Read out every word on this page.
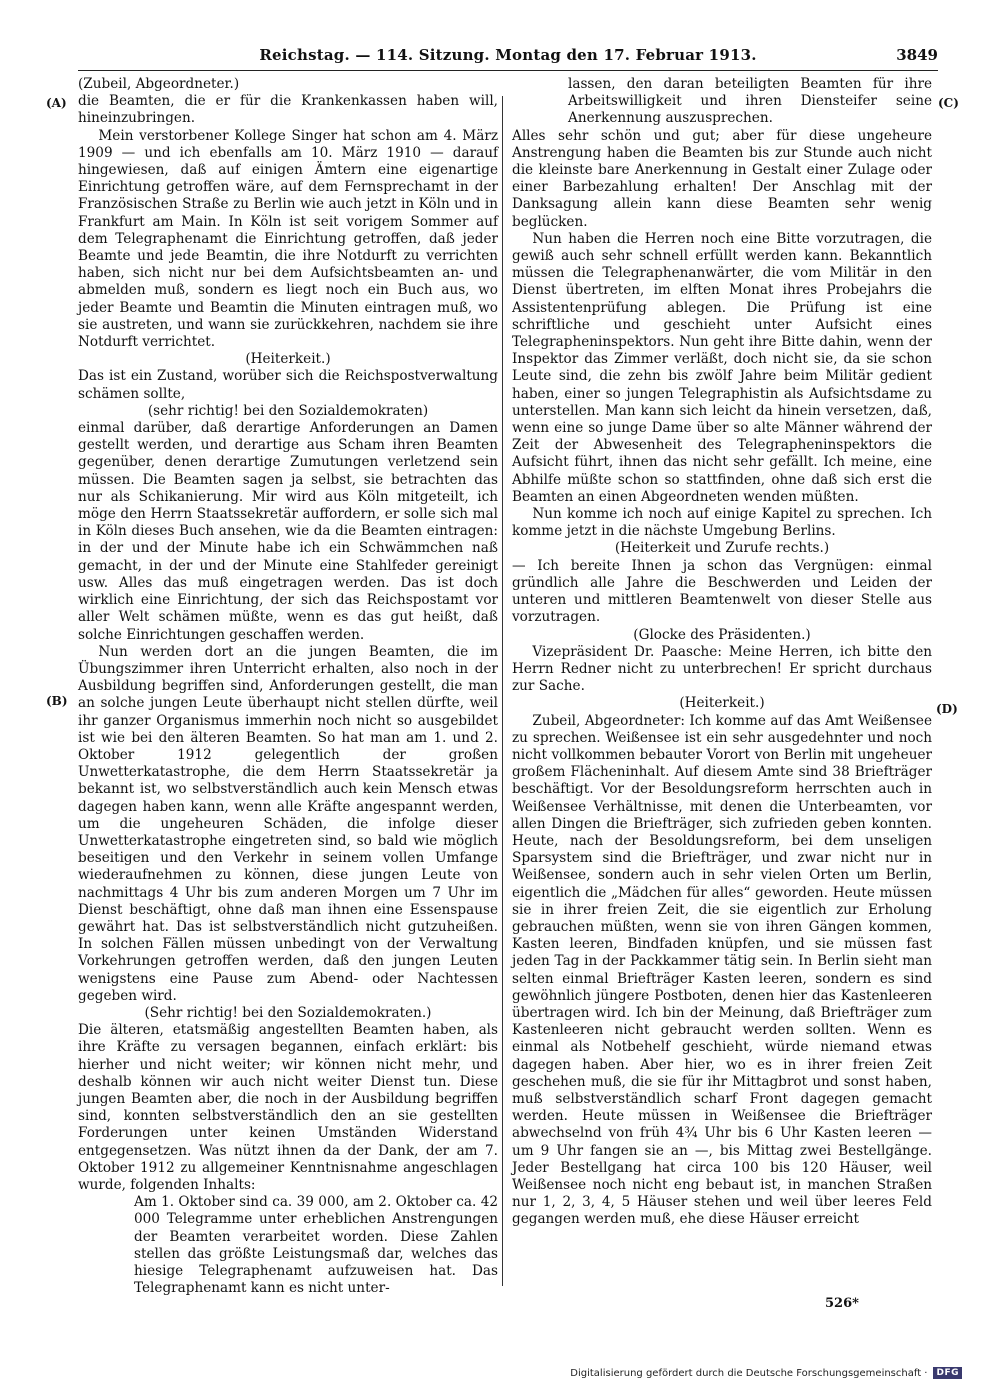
Reichstag. — 114. Sitzung. Montag den 17. Februar 1913.	3849
(A)
(B)
(C)
(D)

(Zubeil, Abgeordneter.)

die Beamten, die er für die Krankenkassen haben will, hineinzubringen.

Mein verstorbener Kollege Singer hat schon am 4. März 1909 — und ich ebenfalls am 10. März 1910 — darauf hingewiesen, daß auf einigen Ämtern eine eigenartige Einrichtung getroffen wäre, auf dem Fernsprechamt in der Französischen Straße zu Berlin wie auch jetzt in Köln und in Frankfurt am Main. In Köln ist seit vorigem Sommer auf dem Telegraphenamt die Einrichtung getroffen, daß jeder Beamte und jede Beamtin, die ihre Notdurft zu verrichten haben, sich nicht nur bei dem Aufsichtsbeamten an- und abmelden muß, sondern es liegt noch ein Buch aus, wo jeder Beamte und Beamtin die Minuten eintragen muß, wo sie austreten, und wann sie zurückkehren, nachdem sie ihre Notdurft verrichtet.

(Heiterkeit.)

Das ist ein Zustand, worüber sich die Reichspostverwaltung schämen sollte,

(sehr richtig! bei den Sozialdemokraten)

einmal darüber, daß derartige Anforderungen an Damen gestellt werden, und derartige aus Scham ihren Beamten gegenüber, denen derartige Zumutungen verletzend sein müssen. Die Beamten sagen ja selbst, sie betrachten das nur als Schikanierung. Mir wird aus Köln mitgeteilt, ich möge den Herrn Staatssekretär auffordern, er solle sich mal in Köln dieses Buch ansehen, wie da die Beamten eintragen: in der und der Minute habe ich ein Schwämmchen naß gemacht, in der und der Minute eine Stahlfeder gereinigt usw. Alles das muß eingetragen werden. Das ist doch wirklich eine Einrichtung, der sich das Reichspostamt vor aller Welt schämen müßte, wenn es das gut heißt, daß solche Einrichtungen geschaffen werden.

Nun werden dort an die jungen Beamten, die im Übungszimmer ihren Unterricht erhalten, also noch in der Ausbildung begriffen sind, Anforderungen gestellt, die man an solche jungen Leute überhaupt nicht stellen dürfte, weil ihr ganzer Organismus immerhin noch nicht so ausgebildet ist wie bei den älteren Beamten. So hat man am 1. und 2. Oktober 1912 gelegentlich der großen Unwetterkatastrophe, die dem Herrn Staatssekretär ja bekannt ist, wo selbstverständlich auch kein Mensch etwas dagegen haben kann, wenn alle Kräfte angespannt werden, um die ungeheuren Schäden, die infolge dieser Unwetterkatastrophe eingetreten sind, so bald wie möglich beseitigen und den Verkehr in seinem vollen Umfange wiederaufnehmen zu können, diese jungen Leute von nachmittags 4 Uhr bis zum anderen Morgen um 7 Uhr im Dienst beschäftigt, ohne daß man ihnen eine Essenspause gewährt hat. Das ist selbstverständlich nicht gutzuheißen. In solchen Fällen müssen unbedingt von der Verwaltung Vorkehrungen getroffen werden, daß den jungen Leuten wenigstens eine Pause zum Abend- oder Nachtessen gegeben wird.

(Sehr richtig! bei den Sozialdemokraten.)

Die älteren, etatsmäßig angestellten Beamten haben, als ihre Kräfte zu versagen begannen, einfach erklärt: bis hierher und nicht weiter; wir können nicht mehr, und deshalb können wir auch nicht weiter Dienst tun. Diese jungen Beamten aber, die noch in der Ausbildung begriffen sind, konnten selbstverständlich den an sie gestellten Forderungen unter keinen Umständen Widerstand entgegensetzen. Was nützt ihnen da der Dank, der am 7. Oktober 1912 zu allgemeiner Kenntnisnahme angeschlagen wurde, folgenden Inhalts:

Am 1. Oktober sind ca. 39 000, am 2. Oktober ca. 42 000 Telegramme unter erheblichen Anstrengungen der Beamten verarbeitet worden. Diese Zahlen stellen das größte Leistungsmaß dar, welches das hiesige Telegraphenamt aufzuweisen hat. Das Telegraphenamt kann es nicht unter-

lassen, den daran beteiligten Beamten für ihre Arbeitswilligkeit und ihren Diensteifer seine Anerkennung auszusprechen.

Alles sehr schön und gut; aber für diese ungeheure Anstrengung haben die Beamten bis zur Stunde auch nicht die kleinste bare Anerkennung in Gestalt einer Zulage oder einer Barbezahlung erhalten! Der Anschlag mit der Danksagung allein kann diese Beamten sehr wenig beglücken.

Nun haben die Herren noch eine Bitte vorzutragen, die gewiß auch sehr schnell erfüllt werden kann. Bekanntlich müssen die Telegraphenanwärter, die vom Militär in den Dienst übertreten, im elften Monat ihres Probejahrs die Assistentenprüfung ablegen. Die Prüfung ist eine schriftliche und geschieht unter Aufsicht eines Telegrapheninspektors. Nun geht ihre Bitte dahin, wenn der Inspektor das Zimmer verläßt, doch nicht sie, da sie schon Leute sind, die zehn bis zwölf Jahre beim Militär gedient haben, einer so jungen Telegraphistin als Aufsichtsdame zu unterstellen. Man kann sich leicht da hinein versetzen, daß, wenn eine so junge Dame über so alte Männer während der Zeit der Abwesenheit des Telegrapheninspektors die Aufsicht führt, ihnen das nicht sehr gefällt. Ich meine, eine Abhilfe müßte schon so stattfinden, ohne daß sich erst die Beamten an einen Abgeordneten wenden müßten.

Nun komme ich noch auf einige Kapitel zu sprechen. Ich komme jetzt in die nächste Umgebung Berlins.

(Heiterkeit und Zurufe rechts.)

— Ich bereite Ihnen ja schon das Vergnügen: einmal gründlich alle Jahre die Beschwerden und Leiden der unteren und mittleren Beamtenwelt von dieser Stelle aus vorzutragen.

(Glocke des Präsidenten.)

Vizepräsident Dr. Paasche: Meine Herren, ich bitte den Herrn Redner nicht zu unterbrechen! Er spricht durchaus zur Sache.

(Heiterkeit.)

Zubeil, Abgeordneter: Ich komme auf das Amt Weißensee zu sprechen. Weißensee ist ein sehr ausgedehnter und noch nicht vollkommen bebauter Vorort von Berlin mit ungeheuer großem Flächeninhalt. Auf diesem Amte sind 38 Briefträger beschäftigt. Vor der Besoldungsreform herrschten auch in Weißensee Verhältnisse, mit denen die Unterbeamten, vor allen Dingen die Briefträger, sich zufrieden geben konnten. Heute, nach der Besoldungsreform, bei dem unseligen Sparsystem sind die Briefträger, und zwar nicht nur in Weißensee, sondern auch in sehr vielen Orten um Berlin, eigentlich die „Mädchen für alles“ geworden. Heute müssen sie in ihrer freien Zeit, die sie eigentlich zur Erholung gebrauchen müßten, wenn sie von ihren Gängen kommen, Kasten leeren, Bindfaden knüpfen, und sie müssen fast jeden Tag in der Packkammer tätig sein. In Berlin sieht man selten einmal Briefträger Kasten leeren, sondern es sind gewöhnlich jüngere Postboten, denen hier das Kastenleeren übertragen wird. Ich bin der Meinung, daß Briefträger zum Kastenleeren nicht gebraucht werden sollten. Wenn es einmal als Notbehelf geschieht, würde niemand etwas dagegen haben. Aber hier, wo es in ihrer freien Zeit geschehen muß, die sie für ihr Mittagbrot und sonst haben, muß selbstverständlich scharf Front dagegen gemacht werden. Heute müssen in Weißensee die Briefträger abwechselnd von früh 4¾ Uhr bis 6 Uhr Kasten leeren — um 9 Uhr fangen sie an —, bis Mittag zwei Bestellgänge. Jeder Bestellgang hat circa 100 bis 120 Häuser, weil Weißensee noch nicht eng bebaut ist, in manchen Straßen nur 1, 2, 3, 4, 5 Häuser stehen und weil über leeres Feld gegangen werden muß, ehe diese Häuser erreicht

526*
Digitalisierung gefördert durch die Deutsche Forschungsgemeinschaft ·	DFG
